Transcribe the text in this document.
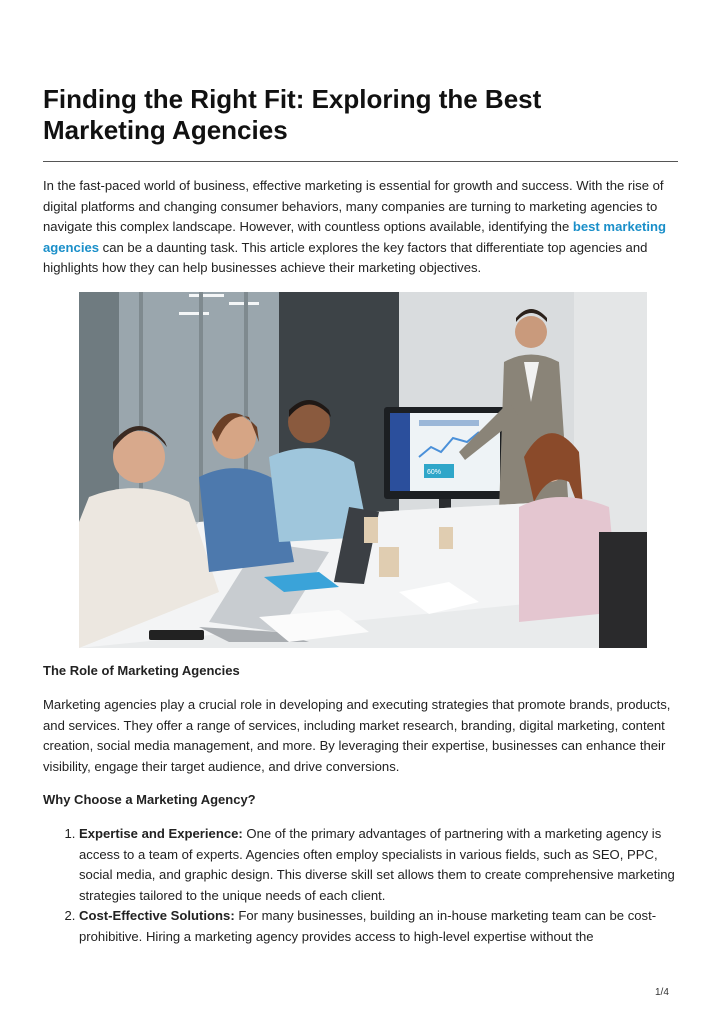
Finding the Right Fit: Exploring the Best Marketing Agencies

In the fast-paced world of business, effective marketing is essential for growth and success. With the rise of digital platforms and changing consumer behaviors, many companies are turning to marketing agencies to navigate this complex landscape. However, with countless options available, identifying the best marketing agencies can be a daunting task. This article explores the key factors that differentiate top agencies and highlights how they can help businesses achieve their marketing objectives.

60%
The Role of Marketing Agencies

Marketing agencies play a crucial role in developing and executing strategies that promote brands, products, and services. They offer a range of services, including market research, branding, digital marketing, content creation, social media management, and more. By leveraging their expertise, businesses can enhance their visibility, engage their target audience, and drive conversions.

Why Choose a Marketing Agency?
1. Expertise and Experience: One of the primary advantages of partnering with a marketing agency is access to a team of experts. Agencies often employ specialists in various fields, such as SEO, PPC, social media, and graphic design. This diverse skill set allows them to create comprehensive marketing strategies tailored to the unique needs of each client.
2. Cost-Effective Solutions: For many businesses, building an in-house marketing team can be cost-prohibitive. Hiring a marketing agency provides access to high-level expertise without the
1/4
